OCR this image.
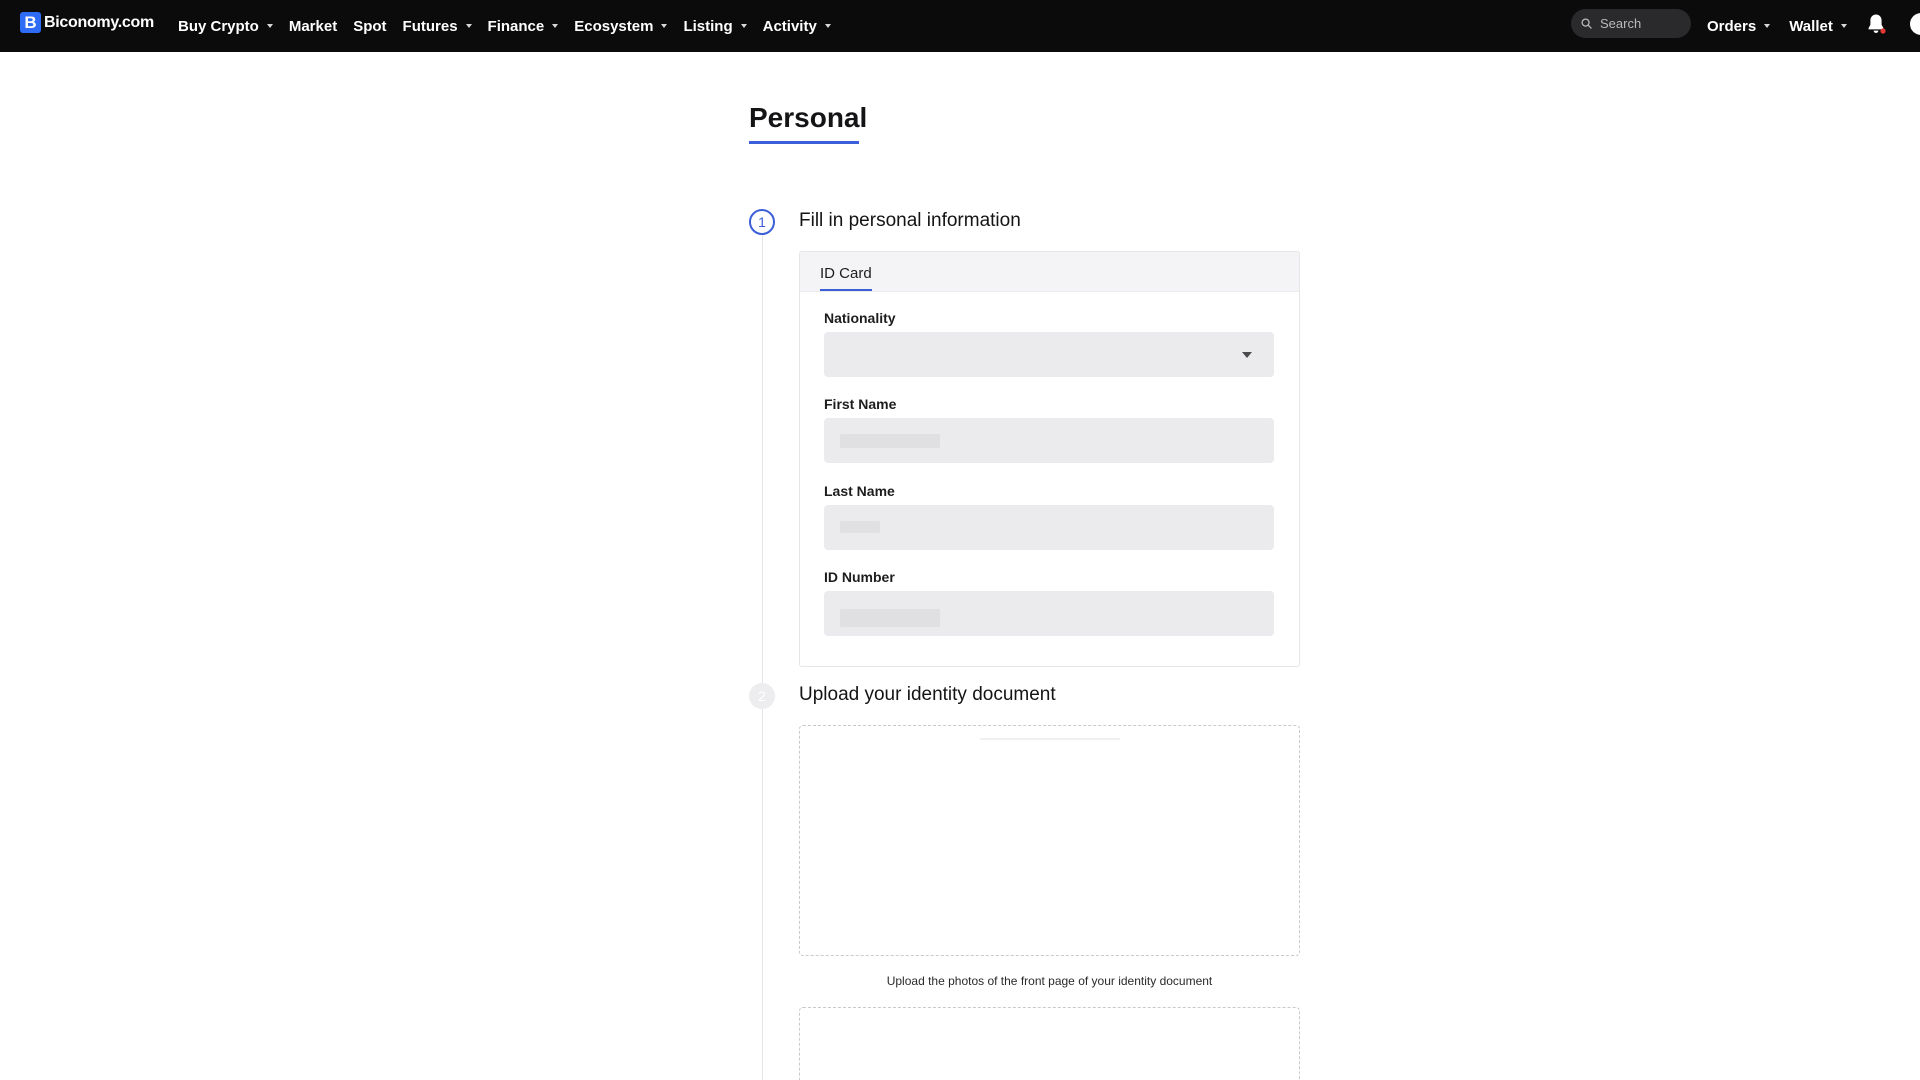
B Biconomy.com Buy Crypto Market Spot Futures Finance Ecosystem Listing Activity
Search	Orders Wallet
Personal
1	Fill in personal information
ID Card
Nationality
First Name
Last Name
ID Number
2	Upload your identity document
Upload the photos of the front page of your identity document
